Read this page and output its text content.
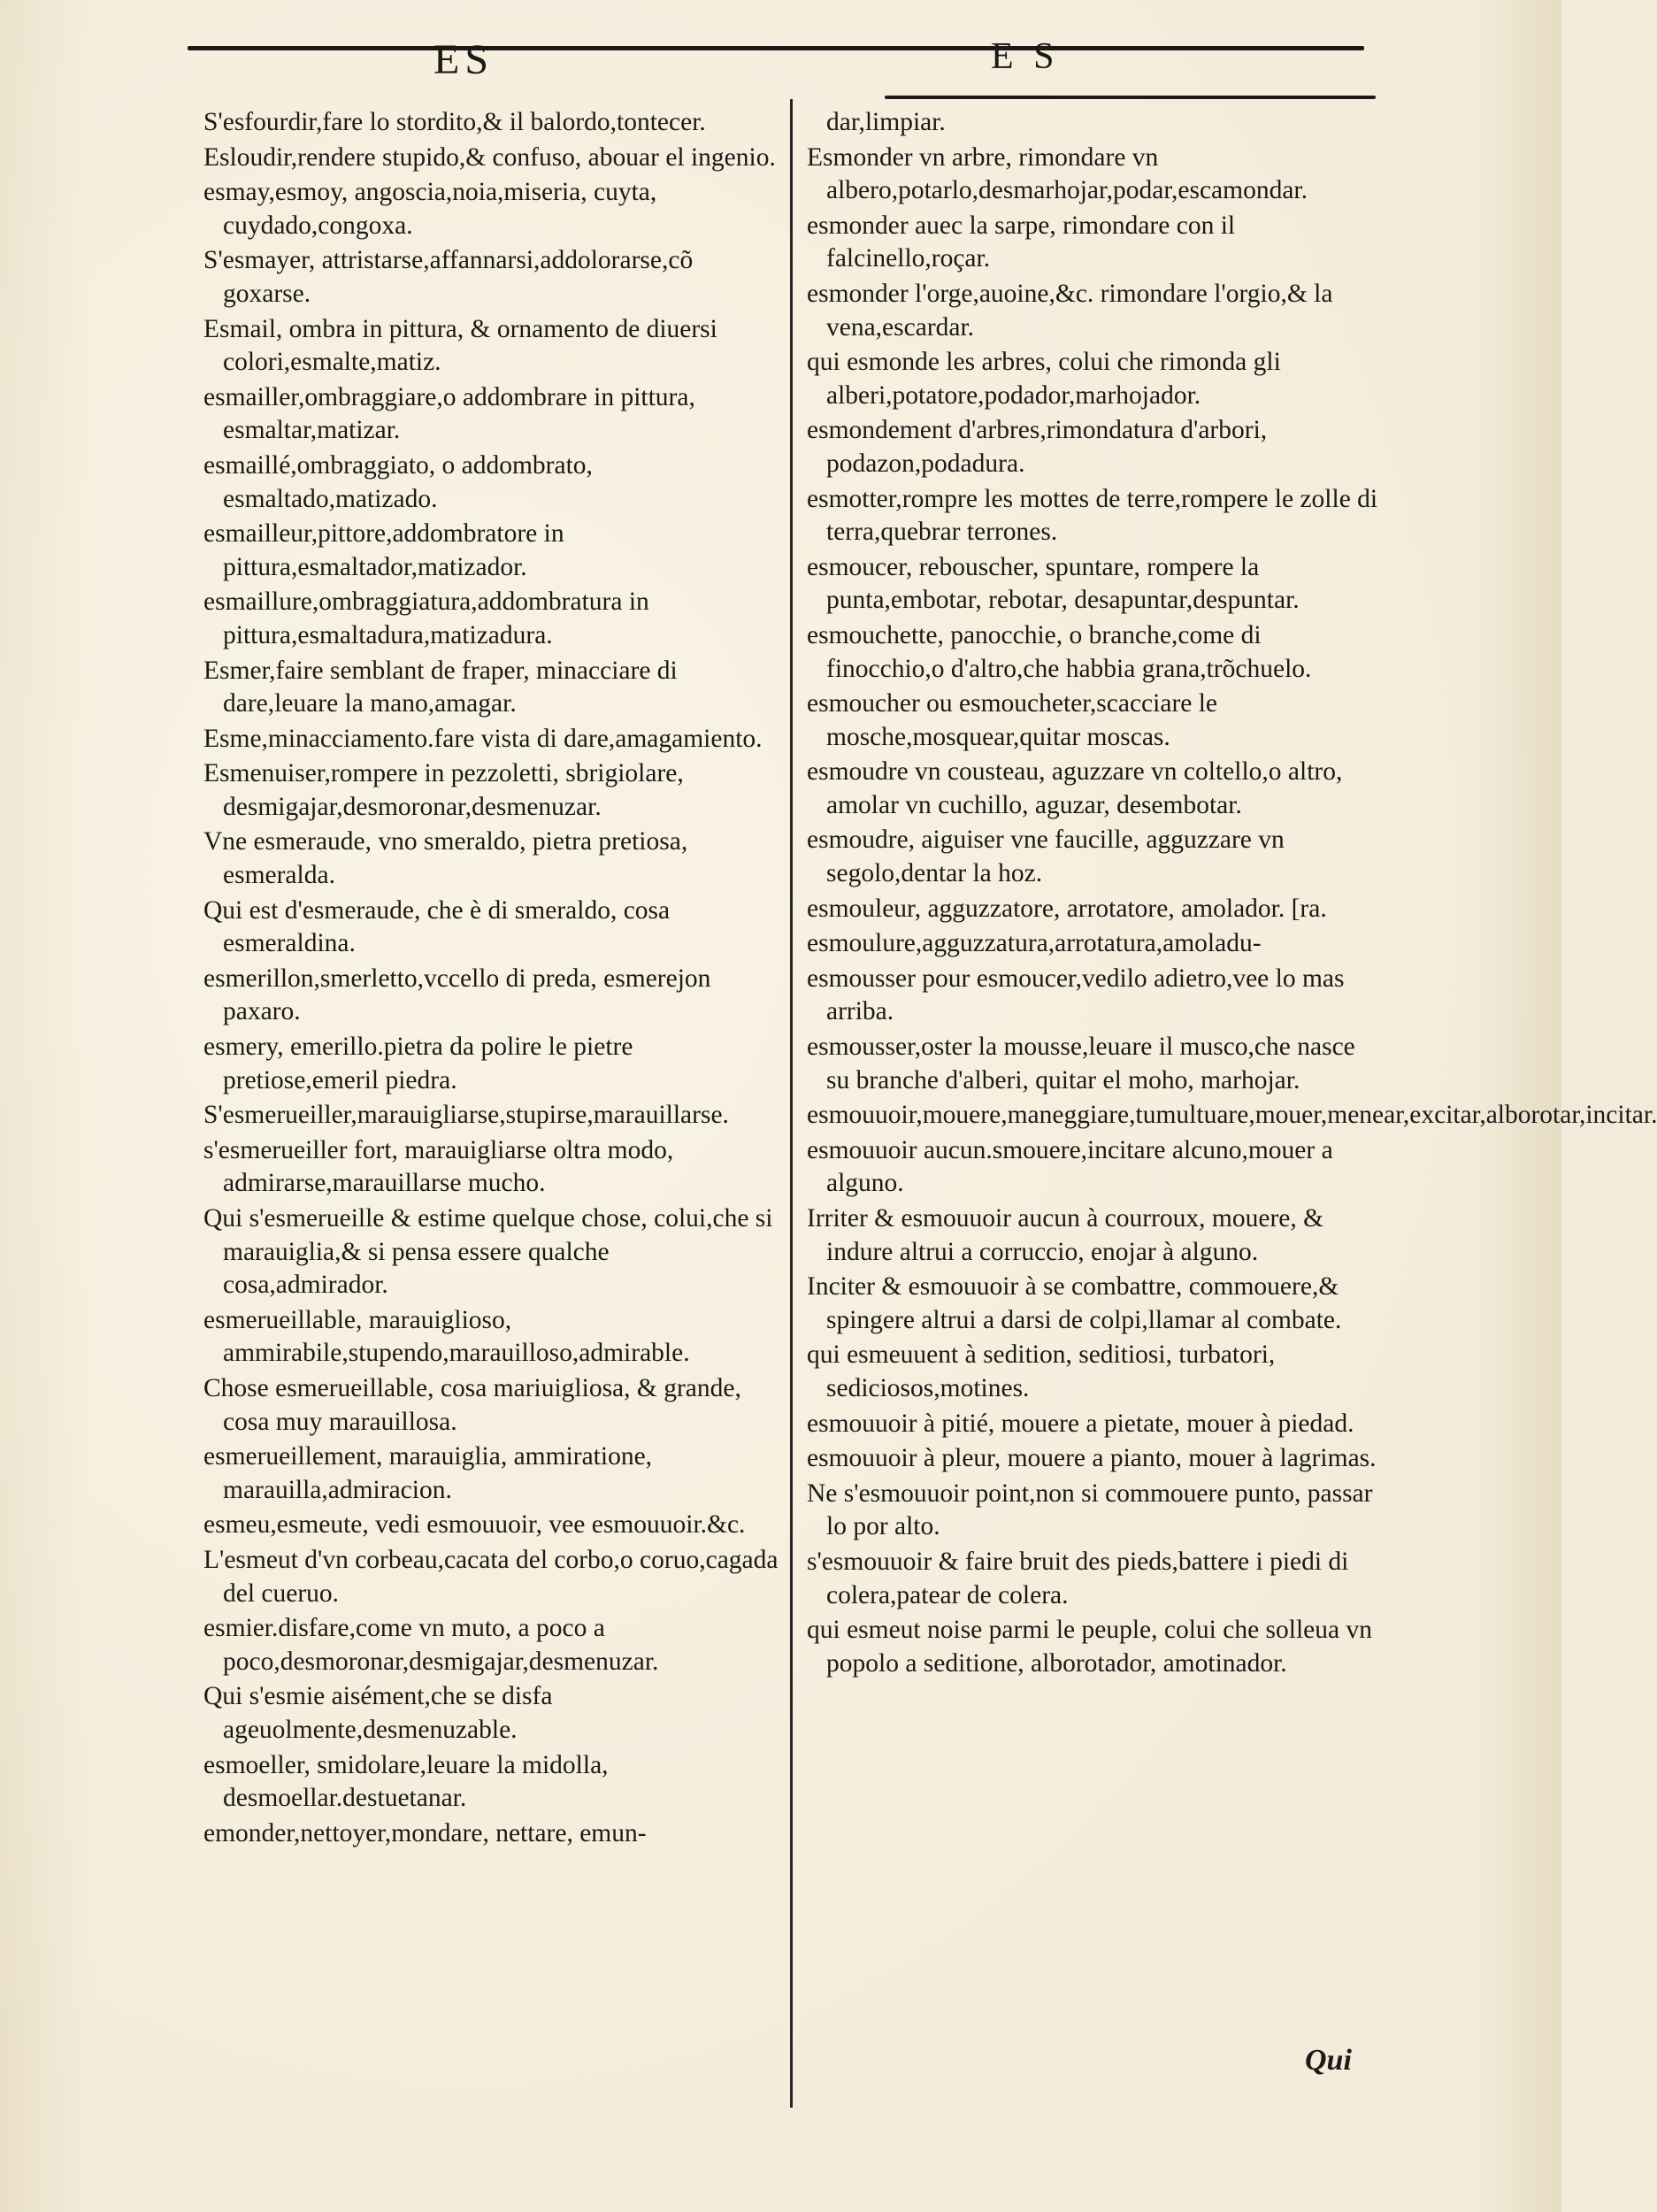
ES	E S

S'esfourdir,fare lo stordito,& il balordo,tontecer.

Esloudir,rendere stupido,& confuso, abouar el ingenio.

esmay,esmoy, angoscia,noia,miseria, cuyta, cuydado,congoxa.

S'esmayer, attristarse,affannarsi,addolorarse,cõ goxarse.

Esmail, ombra in pittura, & ornamento de diuersi colori,esmalte,matiz.

esmailler,ombraggiare,o addombrare in pittura, esmaltar,matizar.

esmaillé,ombraggiato, o addombrato, esmaltado,matizado.

esmailleur,pittore,addombratore in pittura,esmaltador,matizador.

esmaillure,ombraggiatura,addombratura in pittura,esmaltadura,matizadura.

Esmer,faire semblant de fraper, minacciare di dare,leuare la mano,amagar.

Esme,minacciamento.fare vista di dare,amagamiento.

Esmenuiser,rompere in pezzoletti, sbrigiolare, desmigajar,desmoronar,desmenuzar.

Vne esmeraude, vno smeraldo, pietra pretiosa, esmeralda.

Qui est d'esmeraude, che è di smeraldo, cosa esmeraldina.

esmerillon,smerletto,vccello di preda, esmerejon paxaro.

esmery, emerillo.pietra da polire le pietre pretiose,emeril piedra.

S'esmerueiller,marauigliarse,stupirse,marauillarse.

s'esmerueiller fort, marauigliarse oltra modo, admirarse,marauillarse mucho.

Qui s'esmerueille & estime quelque chose, colui,che si marauiglia,& si pensa essere qualche cosa,admirador.

esmerueillable, marauiglioso, ammirabile,stupendo,marauilloso,admirable.

Chose esmerueillable, cosa mariuigliosa, & grande, cosa muy marauillosa.

esmerueillement, marauiglia, ammiratione, marauilla,admiracion.

esmeu,esmeute, vedi esmouuoir, vee esmouuoir.&c.

L'esmeut d'vn corbeau,cacata del corbo,o coruo,cagada del cueruo.

esmier.disfare,come vn muto, a poco a poco,desmoronar,desmigajar,desmenuzar.

Qui s'esmie aisément,che se disfa ageuolmente,desmenuzable.

esmoeller, smidolare,leuare la midolla, desmoellar.destuetanar.

emonder,nettoyer,mondare, nettare, emun-

dar,limpiar.

Esmonder vn arbre, rimondare vn albero,potarlo,desmarhojar,podar,escamondar.

esmonder auec la sarpe, rimondare con il falcinello,roçar.

esmonder l'orge,auoine,&c. rimondare l'orgio,& la vena,escardar.

qui esmonde les arbres, colui che rimonda gli alberi,potatore,podador,marhojador.

esmondement d'arbres,rimondatura d'arbori, podazon,podadura.

esmotter,rompre les mottes de terre,rompere le zolle di terra,quebrar terrones.

esmoucer, rebouscher, spuntare, rompere la punta,embotar, rebotar, desapuntar,despuntar.

esmouchette, panocchie, o branche,come di finocchio,o d'altro,che habbia grana,trõchuelo.

esmoucher ou esmoucheter,scacciare le mosche,mosquear,quitar moscas.

esmoudre vn cousteau, aguzzare vn coltello,o altro, amolar vn cuchillo, aguzar, desembotar.

esmoudre, aiguiser vne faucille, agguzzare vn segolo,dentar la hoz.

esmouleur, agguzzatore, arrotatore, amolador. [ra.

esmoulure,agguzzatura,arrotatura,amoladu-

esmousser pour esmoucer,vedilo adietro,vee lo mas arriba.

esmousser,oster la mousse,leuare il musco,che nasce su branche d'alberi, quitar el moho, marhojar.

esmouuoir,mouere,maneggiare,tumultuare,mouer,menear,excitar,alborotar,incitar.

esmouuoir aucun.smouere,incitare alcuno,mouer a alguno.

Irriter & esmouuoir aucun à courroux, mouere, & indure altrui a corruccio, enojar à alguno.

Inciter & esmouuoir à se combattre, commouere,& spingere altrui a darsi de colpi,llamar al combate.

qui esmeuuent à sedition, seditiosi, turbatori, sediciosos,motines.

esmouuoir à pitié, mouere a pietate, mouer à piedad.

esmouuoir à pleur, mouere a pianto, mouer à lagrimas.

Ne s'esmouuoir point,non si commouere punto, passar lo por alto.

s'esmouuoir & faire bruit des pieds,battere i piedi di colera,patear de colera.

qui esmeut noise parmi le peuple, colui che solleua vn popolo a seditione, alborotador, amotinador.

Qui
